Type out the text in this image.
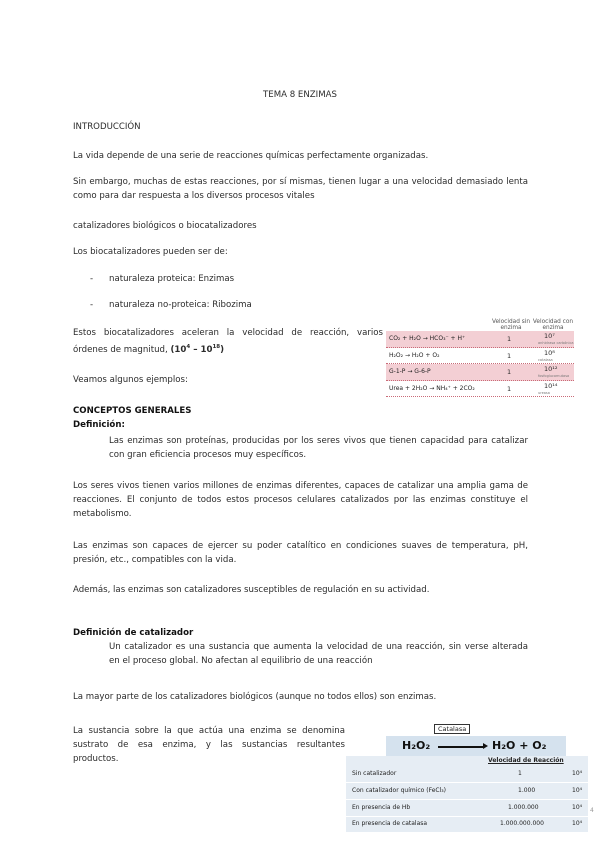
TEMA 8 ENZIMAS
INTRODUCCIÓN
La vida depende de una serie de reacciones químicas perfectamente organizadas.
Sin embargo, muchas de estas reacciones, por sí mismas, tienen lugar a una velocidad demasiado lenta como para dar respuesta a los diversos procesos vitales
catalizadores biológicos o biocatalizadores
Los biocatalizadores pueden ser de:
- naturaleza proteica: Enzimas
- naturaleza no-proteica: Ribozima
Estos biocatalizadores aceleran la velocidad de reacción, varios órdenes de magnitud, $(10^4 - 10^{18})$
Veamos algunos ejemplos:
Velocidad sin enzima
Velocidad con enzima
CO₂ + H₂O → HCO₃⁻ + H⁺	1	10⁷
anhidrasa carbónica
H₂O₂ → H₂O + O₂	1	10⁸
catalasa
G-1-P → G-6-P	1	10¹²
fosfoglucomutasa
Urea + 2H₂O → NH₄⁺ + 2CO₂	1	10¹⁴
ureasa
CONCEPTOS GENERALES
Definición:
Las enzimas son proteínas, producidas por los seres vivos que tienen capacidad para catalizar con gran eficiencia procesos muy específicos.
Los seres vivos tienen varios millones de enzimas diferentes, capaces de catalizar una amplia gama de reacciones. El conjunto de todos estos procesos celulares catalizados por las enzimas constituye el metabolismo.
Las enzimas son capaces de ejercer su poder catalítico en condiciones suaves de temperatura, pH, presión, etc., compatibles con la vida.
Además, las enzimas son catalizadores susceptibles de regulación en su actividad.
Definición de catalizador
Un catalizador es una sustancia que aumenta la velocidad de una reacción, sin verse alterada en el proceso global. No afectan al equilibrio de una reacción
La mayor parte de los catalizadores biológicos (aunque no todos ellos) son enzimas.
La sustancia sobre la que actúa una enzima se denomina sustrato de esa enzima, y las sustancias resultantes productos.
H₂O₂ → H₂O + O₂
Catalasa
Velocidad de Reacción
Sin catalizador	1	10⁴
Con catalizador químico (FeCl₃)	1.000	10⁴
En presencia de Hb	1.000.000	10⁴
En presencia de catalasa	1.000.000.000	10⁴
4
